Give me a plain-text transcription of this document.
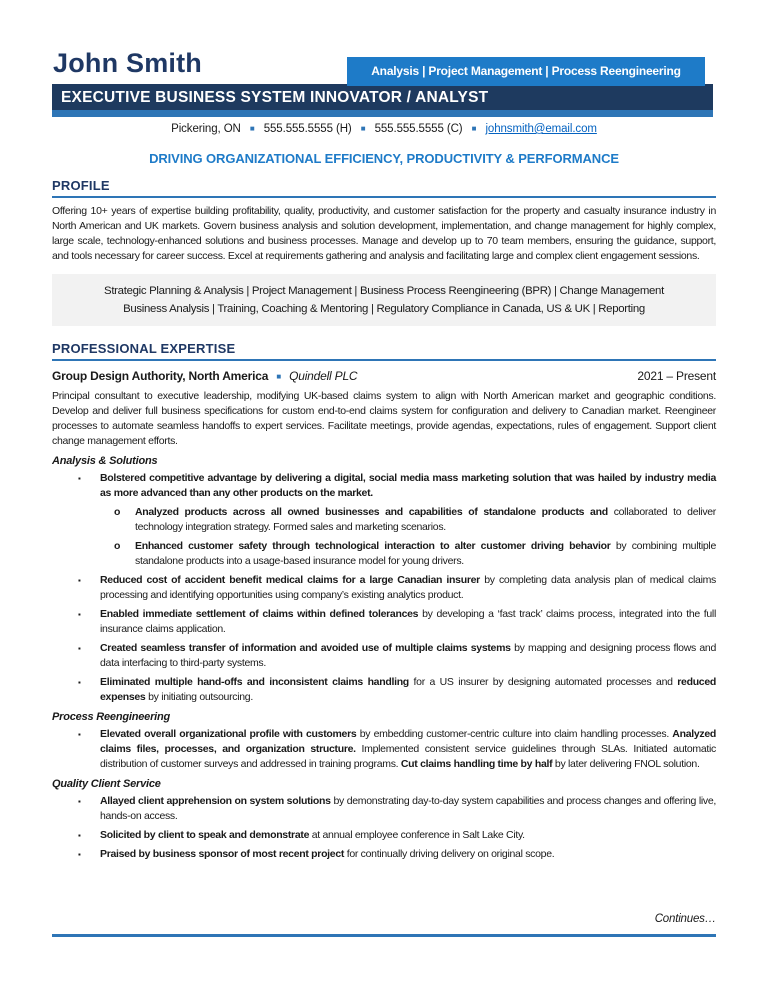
John Smith	Analysis | Project Management | Process Reengineering
EXECUTIVE BUSINESS SYSTEM INNOVATOR / ANALYST
Pickering, ON ■ 555.555.5555 (H) ■ 555.555.5555 (C) ■ johnsmith@email.com
DRIVING ORGANIZATIONAL EFFICIENCY, PRODUCTIVITY & PERFORMANCE
PROFILE

Offering 10+ years of expertise building profitability, quality, productivity, and customer satisfaction for the property and casualty insurance industry in North American and UK markets. Govern business analysis and solution development, implementation, and change management for highly complex, large scale, technology-enhanced solutions and business processes. Manage and develop up to 70 team members, ensuring the guidance, support, and tools necessary for career success. Excel at requirements gathering and analysis and facilitating large and complex client engagement sessions.

Strategic Planning & Analysis | Project Management | Business Process Reengineering (BPR) | Change Management
Business Analysis | Training, Coaching & Mentoring | Regulatory Compliance in Canada, US & UK | Reporting
PROFESSIONAL EXPERTISE
Group Design Authority, North America ■ Quindell PLC	2021 – Present

Principal consultant to executive leadership, modifying UK-based claims system to align with North American market and geographic conditions. Develop and deliver full business specifications for custom end-to-end claims system for configuration and delivery to Canadian market. Reengineer processes to automate seamless handoffs to expert services. Facilitate meetings, provide agendas, expectations, rules of engagement. Support client change management efforts.

Analysis & Solutions
▪	Bolstered competitive advantage by delivering a digital, social media mass marketing solution that was hailed by industry media as more advanced than any other products on the market.
o	Analyzed products across all owned businesses and capabilities of standalone products and collaborated to deliver technology integration strategy. Formed sales and marketing scenarios.
o	Enhanced customer safety through technological interaction to alter customer driving behavior by combining multiple standalone products into a usage-based insurance model for young drivers.
▪	Reduced cost of accident benefit medical claims for a large Canadian insurer by completing data analysis plan of medical claims processing and identifying opportunities using company’s existing analytics product.
▪	Enabled immediate settlement of claims within defined tolerances by developing a ‘fast track’ claims process, integrated into the full insurance claims application.
▪	Created seamless transfer of information and avoided use of multiple claims systems by mapping and designing process flows and data interfacing to third-party systems.
▪	Eliminated multiple hand-offs and inconsistent claims handling for a US insurer by designing automated processes and reduced expenses by initiating outsourcing.
Process Reengineering
▪	Elevated overall organizational profile with customers by embedding customer-centric culture into claim handling processes. Analyzed claims files, processes, and organization structure. Implemented consistent service guidelines through SLAs. Initiated automatic distribution of customer surveys and addressed in training programs. Cut claims handling time by half by later delivering FNOL solution.
Quality Client Service
▪	Allayed client apprehension on system solutions by demonstrating day-to-day system capabilities and process changes and offering live, hands-on access.
▪	Solicited by client to speak and demonstrate at annual employee conference in Salt Lake City.
▪	Praised by business sponsor of most recent project for continually driving delivery on original scope.
Continues…
